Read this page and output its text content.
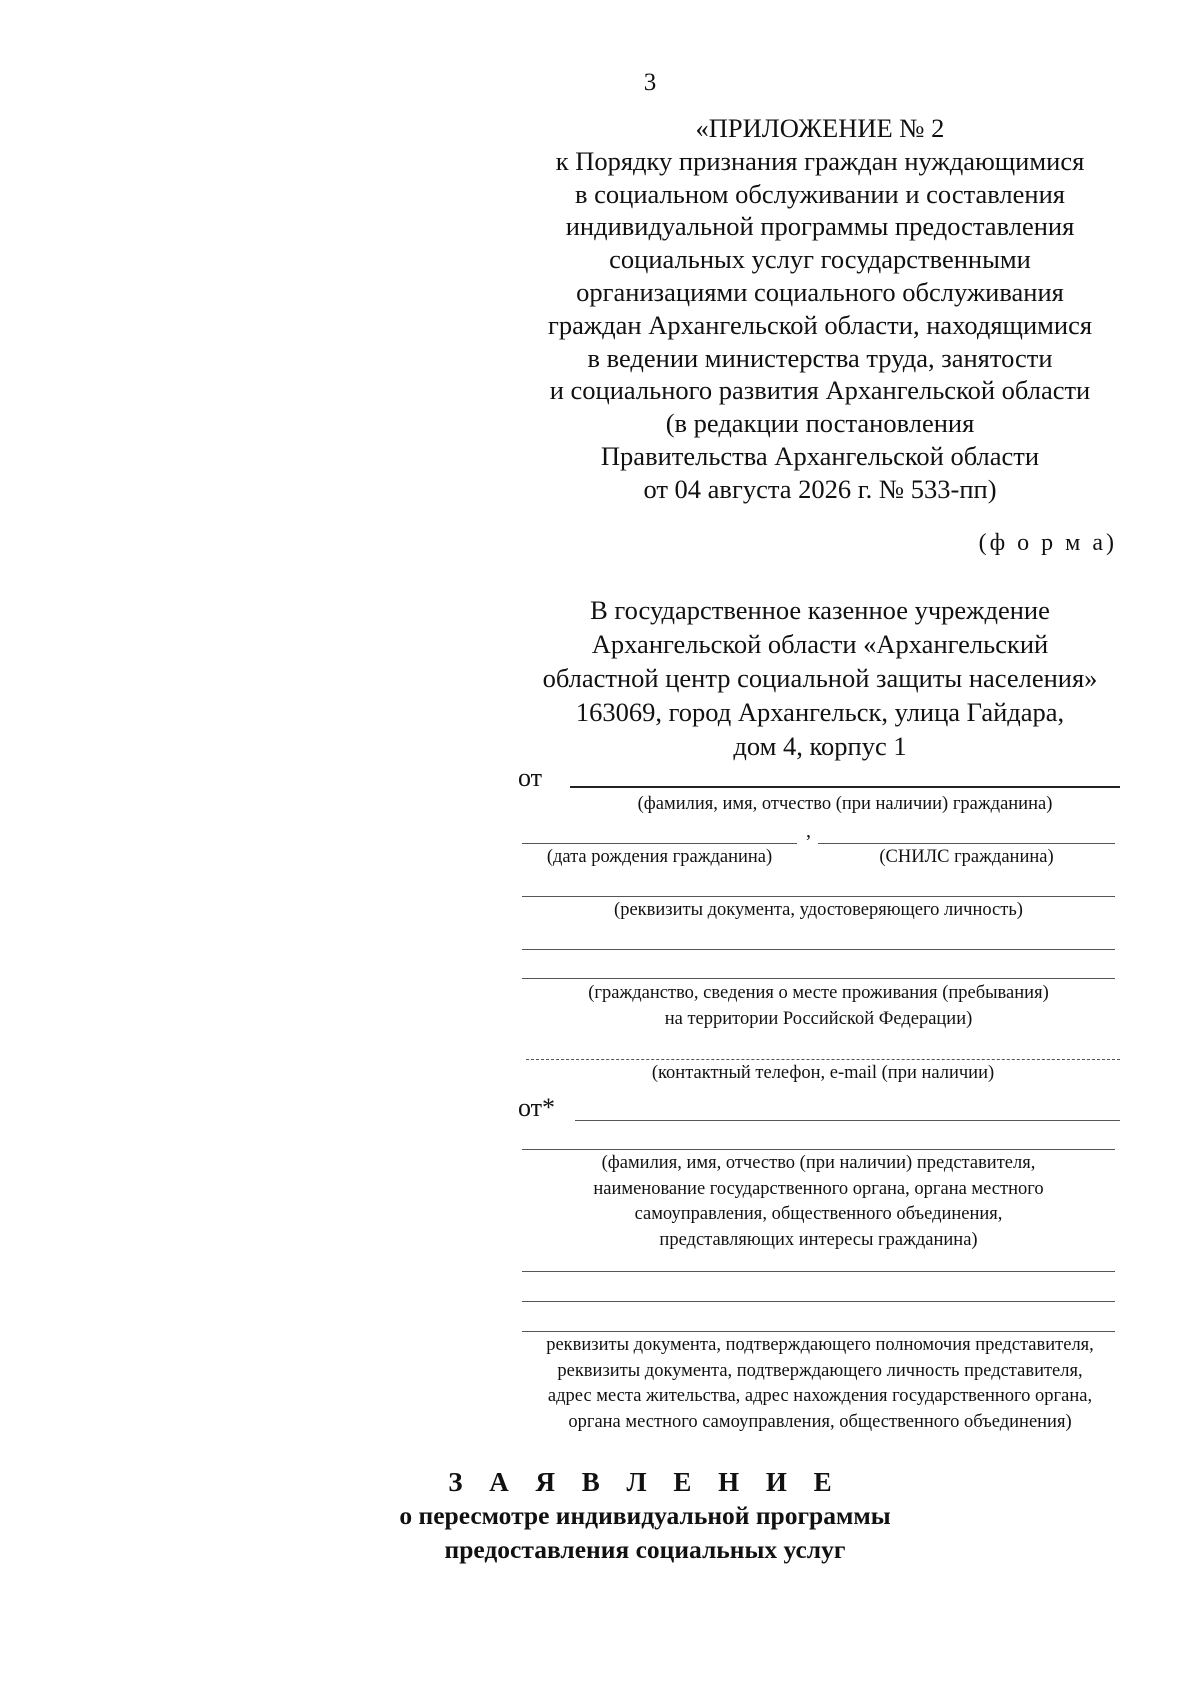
3
«ПРИЛОЖЕНИЕ № 2
к Порядку признания граждан нуждающимися
в социальном обслуживании и составления
индивидуальной программы предоставления
социальных услуг государственными
организациями социального обслуживания
граждан Архангельской области, находящимися
в ведении министерства труда, занятости
и социального развития Архангельской области
(в редакции постановления
Правительства Архангельской области
от 04 августа 2026 г. № 533-пп)
(ф о р м а)
В государственное казенное учреждение
Архангельской области «Архангельский
областной центр социальной защиты населения»
163069, город Архангельск, улица Гайдара,
дом 4, корпус 1
от
(фамилия, имя, отчество (при наличии) гражданина)
,
(дата рождения гражданина)	(СНИЛС гражданина)
(реквизиты документа, удостоверяющего личность)
(гражданство, сведения о месте проживания (пребывания)
на территории Российской Федерации)
(контактный телефон, e-mail (при наличии)
от*
(фамилия, имя, отчество (при наличии) представителя,
наименование государственного органа, органа местного
самоуправления, общественного объединения,
представляющих интересы гражданина)
реквизиты документа, подтверждающего полномочия представителя,
реквизиты документа, подтверждающего личность представителя,
адрес места жительства, адрес нахождения государственного органа,
органа местного самоуправления, общественного объединения)
З А Я В Л Е Н И Е
о пересмотре индивидуальной программы
предоставления социальных услуг
